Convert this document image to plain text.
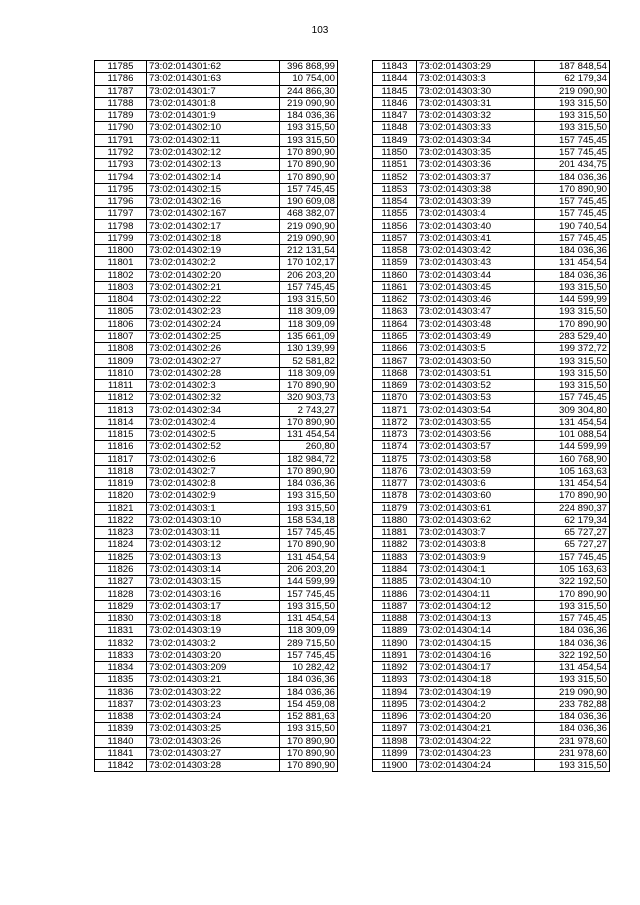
103
11785	73:02:014301:62	396 868,99
11786	73:02:014301:63	10 754,00
11787	73:02:014301:7	244 866,30
11788	73:02:014301:8	219 090,90
11789	73:02:014301:9	184 036,36
11790	73:02:014302:10	193 315,50
11791	73:02:014302:11	193 315,50
11792	73:02:014302:12	170 890,90
11793	73:02:014302:13	170 890,90
11794	73:02:014302:14	170 890,90
11795	73:02:014302:15	157 745,45
11796	73:02:014302:16	190 609,08
11797	73:02:014302:167	468 382,07
11798	73:02:014302:17	219 090,90
11799	73:02:014302:18	219 090,90
11800	73:02:014302:19	212 131,54
11801	73:02:014302:2	170 102,17
11802	73:02:014302:20	206 203,20
11803	73:02:014302:21	157 745,45
11804	73:02:014302:22	193 315,50
11805	73:02:014302:23	118 309,09
11806	73:02:014302:24	118 309,09
11807	73:02:014302:25	135 661,09
11808	73:02:014302:26	130 139,99
11809	73:02:014302:27	52 581,82
11810	73:02:014302:28	118 309,09
11811	73:02:014302:3	170 890,90
11812	73:02:014302:32	320 903,73
11813	73:02:014302:34	2 743,27
11814	73:02:014302:4	170 890,90
11815	73:02:014302:5	131 454,54
11816	73:02:014302:52	260,80
11817	73:02:014302:6	182 984,72
11818	73:02:014302:7	170 890,90
11819	73:02:014302:8	184 036,36
11820	73:02:014302:9	193 315,50
11821	73:02:014303:1	193 315,50
11822	73:02:014303:10	158 534,18
11823	73:02:014303:11	157 745,45
11824	73:02:014303:12	170 890,90
11825	73:02:014303:13	131 454,54
11826	73:02:014303:14	206 203,20
11827	73:02:014303:15	144 599,99
11828	73:02:014303:16	157 745,45
11829	73:02:014303:17	193 315,50
11830	73:02:014303:18	131 454,54
11831	73:02:014303:19	118 309,09
11832	73:02:014303:2	289 715,50
11833	73:02:014303:20	157 745,45
11834	73:02:014303:209	10 282,42
11835	73:02:014303:21	184 036,36
11836	73:02:014303:22	184 036,36
11837	73:02:014303:23	154 459,08
11838	73:02:014303:24	152 881,63
11839	73:02:014303:25	193 315,50
11840	73:02:014303:26	170 890,90
11841	73:02:014303:27	170 890,90
11842	73:02:014303:28	170 890,90
11843	73:02:014303:29	187 848,54
11844	73:02:014303:3	62 179,34
11845	73:02:014303:30	219 090,90
11846	73:02:014303:31	193 315,50
11847	73:02:014303:32	193 315,50
11848	73:02:014303:33	193 315,50
11849	73:02:014303:34	157 745,45
11850	73:02:014303:35	157 745,45
11851	73:02:014303:36	201 434,75
11852	73:02:014303:37	184 036,36
11853	73:02:014303:38	170 890,90
11854	73:02:014303:39	157 745,45
11855	73:02:014303:4	157 745,45
11856	73:02:014303:40	190 740,54
11857	73:02:014303:41	157 745,45
11858	73:02:014303:42	184 036,36
11859	73:02:014303:43	131 454,54
11860	73:02:014303:44	184 036,36
11861	73:02:014303:45	193 315,50
11862	73:02:014303:46	144 599,99
11863	73:02:014303:47	193 315,50
11864	73:02:014303:48	170 890,90
11865	73:02:014303:49	283 529,40
11866	73:02:014303:5	199 372,72
11867	73:02:014303:50	193 315,50
11868	73:02:014303:51	193 315,50
11869	73:02:014303:52	193 315,50
11870	73:02:014303:53	157 745,45
11871	73:02:014303:54	309 304,80
11872	73:02:014303:55	131 454,54
11873	73:02:014303:56	101 088,54
11874	73:02:014303:57	144 599,99
11875	73:02:014303:58	160 768,90
11876	73:02:014303:59	105 163,63
11877	73:02:014303:6	131 454,54
11878	73:02:014303:60	170 890,90
11879	73:02:014303:61	224 890,37
11880	73:02:014303:62	62 179,34
11881	73:02:014303:7	65 727,27
11882	73:02:014303:8	65 727,27
11883	73:02:014303:9	157 745,45
11884	73:02:014304:1	105 163,63
11885	73:02:014304:10	322 192,50
11886	73:02:014304:11	170 890,90
11887	73:02:014304:12	193 315,50
11888	73:02:014304:13	157 745,45
11889	73:02:014304:14	184 036,36
11890	73:02:014304:15	184 036,36
11891	73:02:014304:16	322 192,50
11892	73:02:014304:17	131 454,54
11893	73:02:014304:18	193 315,50
11894	73:02:014304:19	219 090,90
11895	73:02:014304:2	233 782,88
11896	73:02:014304:20	184 036,36
11897	73:02:014304:21	184 036,36
11898	73:02:014304:22	231 978,60
11899	73:02:014304:23	231 978,60
11900	73:02:014304:24	193 315,50
